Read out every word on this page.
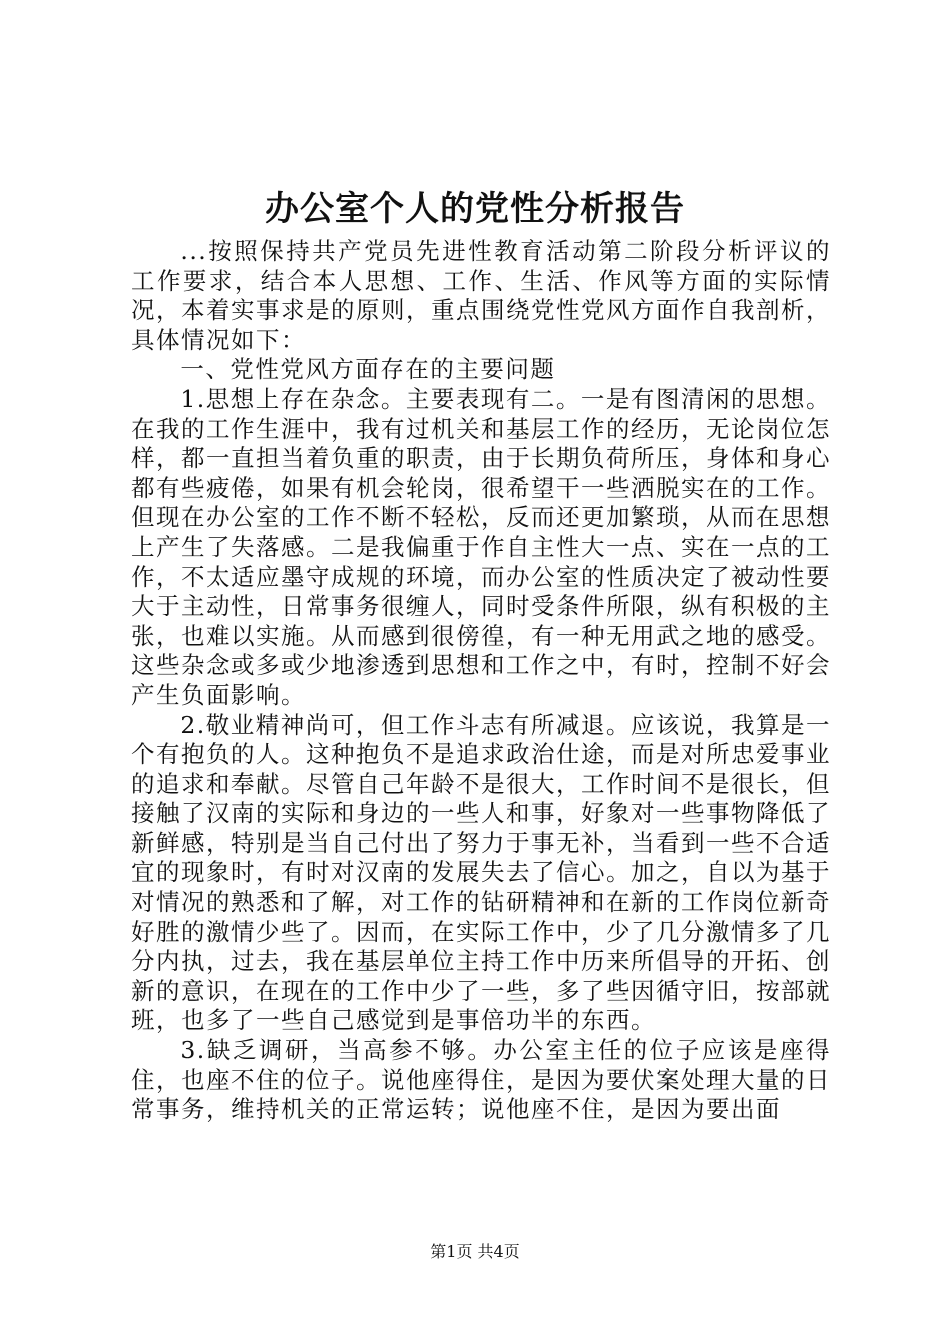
办公室个人的党性分析报告

...按照保持共产党员先进性教育活动第二阶段分析评议的工作要求，结合本人思想、工作、生活、作风等方面的实际情况，本着实事求是的原则，重点围绕党性党风方面作自我剖析，具体情况如下：

一、党性党风方面存在的主要问题

1.思想上存在杂念。主要表现有二。一是有图清闲的思想。在我的工作生涯中，我有过机关和基层工作的经历，无论岗位怎样，都一直担当着负重的职责，由于长期负荷所压，身体和身心都有些疲倦，如果有机会轮岗，很希望干一些洒脱实在的工作。但现在办公室的工作不断不轻松，反而还更加繁琐，从而在思想上产生了失落感。二是我偏重于作自主性大一点、实在一点的工作，不太适应墨守成规的环境，而办公室的性质决定了被动性要大于主动性，日常事务很缠人，同时受条件所限，纵有积极的主张，也难以实施。从而感到很傍徨，有一种无用武之地的感受。这些杂念或多或少地渗透到思想和工作之中，有时，控制不好会产生负面影响。

2.敬业精神尚可，但工作斗志有所减退。应该说，我算是一个有抱负的人。这种抱负不是追求政治仕途，而是对所忠爱事业的追求和奉献。尽管自己年龄不是很大，工作时间不是很长，但接触了汉南的实际和身边的一些人和事，好象对一些事物降低了新鲜感，特别是当自己付出了努力于事无补，当看到一些不合适宜的现象时，有时对汉南的发展失去了信心。加之，自以为基于对情况的熟悉和了解，对工作的钻研精神和在新的工作岗位新奇好胜的激情少些了。因而，在实际工作中，少了几分激情多了几分内执，过去，我在基层单位主持工作中历来所倡导的开拓、创新的意识，在现在的工作中少了一些，多了些因循守旧，按部就班，也多了一些自己感觉到是事倍功半的东西。

3.缺乏调研，当高参不够。办公室主任的位子应该是座得住，也座不住的位子。说他座得住，是因为要伏案处理大量的日常事务，维持机关的正常运转；说他座不住，是因为要出面

第1页 共4页
